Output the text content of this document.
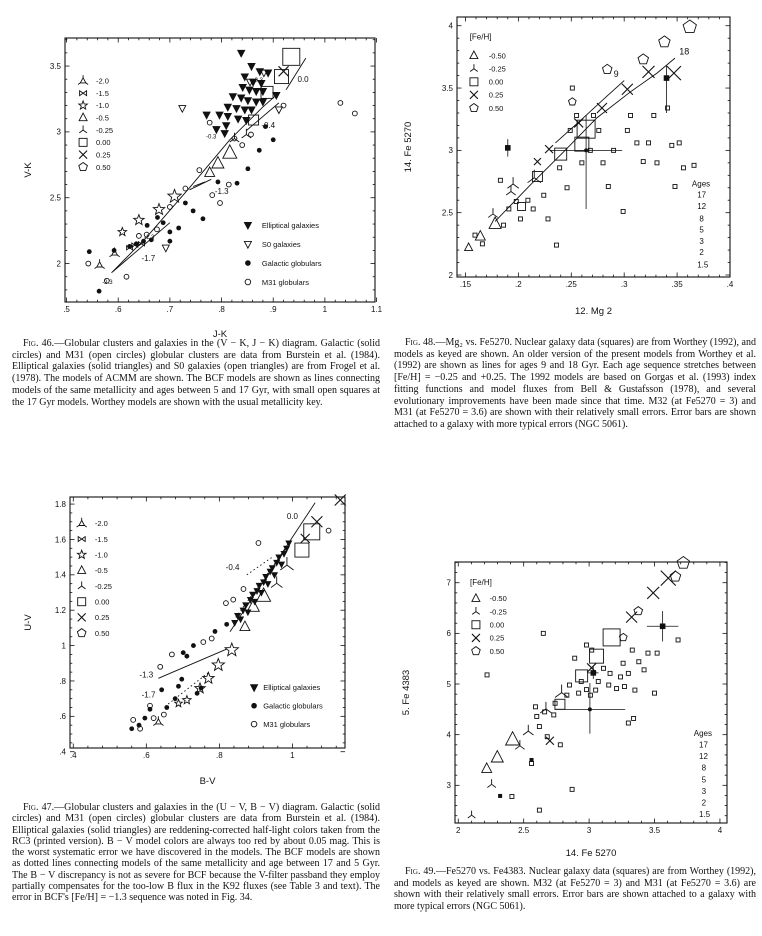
.5	.6	.7	.8	.9	1	1.1
2
2.5
3
3.5
J-K
V-K
0.0
-0.4
-1.3
-1.7
-2.3
-1.3
-0.3
0.3
-2.0
-1.5
-1.0
-0.5
-0.25
0.00
0.25
0.50
Elliptical galaxies
S0 galaxies
Galactic globulars
M31 globulars

Fig. 46.—Globular clusters and galaxies in the (V − K, J − K) diagram. Galactic (solid circles) and M31 (open circles) globular clusters are data from Burstein et al. (1984). Elliptical galaxies (solid triangles) and S0 galaxies (open triangles) are from Frogel et al. (1978). The models of ACMM are shown. The BCF models are shown as lines connecting models of the same metallicity and ages between 5 and 17 Gyr, with small open squares at the 17 Gyr models. Worthey models are shown with the usual metallicity key.

.15	.2	.25	.3	.35	.4
2
2.5
3
3.5
4
12. Mg 2
14. Fe 5270
18
9
Ages
17
12
8
5
3
2
1.5
[Fe/H]
-0.50
-0.25
0.00
0.25
0.50

Fig. 48.—Mg₂ vs. Fe5270. Nuclear galaxy data (squares) are from Worthey (1992), and models as keyed are shown. An older version of the present models from Worthey et al. (1992) are shown as lines for ages 9 and 18 Gyr. Each age sequence stretches between [Fe/H] = −0.25 and +0.25. The 1992 models are based on Gorgas et al. (1993) index fitting functions and model fluxes from Bell & Gustafsson (1978), and several evolutionary improvements have been made since that time. M32 (at Fe5270 = 3) and M31 (at Fe5270 = 3.6) are shown with their relatively small errors. Error bars are shown attached to a galaxy with more typical errors (NGC 5061).

.4	.6	.8	1
.4
.6
.8
1
1.2
1.4
1.6
1.8
B-V
U-V
0.0
-0.4
-1.3
-1.7
-2.0
-1.5
-1.0
-0.5
-0.25
0.00
0.25
0.50
Elliptical galaxies
Galactic globulars
M31 globulars

Fig. 47.—Globular clusters and galaxies in the (U − V, B − V) diagram. Galactic (solid circles) and M31 (open circles) globular clusters are data from Burstein et al. (1984). Elliptical galaxies (solid triangles) are reddening-corrected half-light colors taken from the RC3 (printed version). B − V model colors are always too red by about 0.05 mag. This is the worst systematic error we have discovered in the models. The BCF models are shown as dotted lines connecting models of the same metallicity and age between 17 and 5 Gyr. The B − V discrepancy is not as severe for BCF because the V-filter passband they employ partially compensates for the too-low B flux in the K92 fluxes (see Table 3 and text). The error in BCF's [Fe/H] = −1.3 sequence was noted in Fig. 34.

2	2.5	3	3.5	4
3
4
5
6
7
14. Fe 5270
5. Fe 4383
Ages
17
12
8
5
3
2
1.5
[Fe/H]
-0.50
-0.25
0.00
0.25
0.50

Fig. 49.—Fe5270 vs. Fe4383. Nuclear galaxy data (squares) are from Worthey (1992), and models as keyed are shown. M32 (at Fe5270 = 3) and M31 (at Fe5270 = 3.6) are shown with their relatively small errors. Error bars are shown attached to a galaxy with more typical errors (NGC 5061).
